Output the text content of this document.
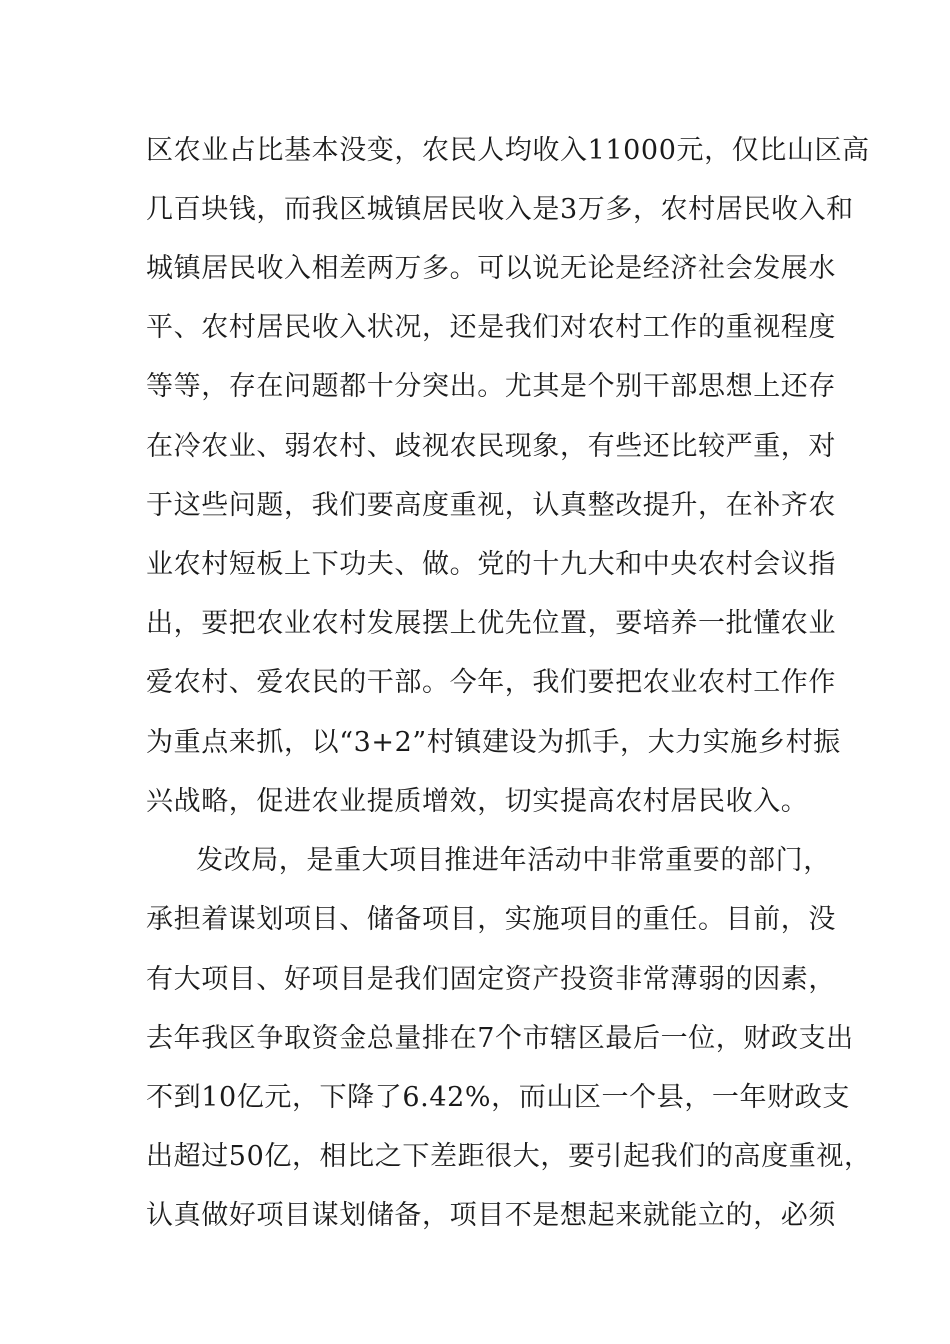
区农业占比基本没变，农民人均收入11000元，仅比山区高
几百块钱，而我区城镇居民收入是3万多，农村居民收入和
城镇居民收入相差两万多。可以说无论是经济社会发展水
平、农村居民收入状况，还是我们对农村工作的重视程度
等等，存在问题都十分突出。尤其是个别干部思想上还存
在冷农业、弱农村、歧视农民现象，有些还比较严重，对
于这些问题，我们要高度重视，认真整改提升，在补齐农
业农村短板上下功夫、做。党的十九大和中央农村会议指
出，要把农业农村发展摆上优先位置，要培养一批懂农业
爱农村、爱农民的干部。今年，我们要把农业农村工作作
为重点来抓，以“3+2”村镇建设为抓手，大力实施乡村振
兴战略，促进农业提质增效，切实提高农村居民收入。
发改局，是重大项目推进年活动中非常重要的部门，
承担着谋划项目、储备项目，实施项目的重任。目前，没
有大项目、好项目是我们固定资产投资非常薄弱的因素，
去年我区争取资金总量排在7个市辖区最后一位，财政支出
不到10亿元，下降了6.42%，而山区一个县，一年财政支
出超过50亿，相比之下差距很大，要引起我们的高度重视，
认真做好项目谋划储备，项目不是想起来就能立的，必须
